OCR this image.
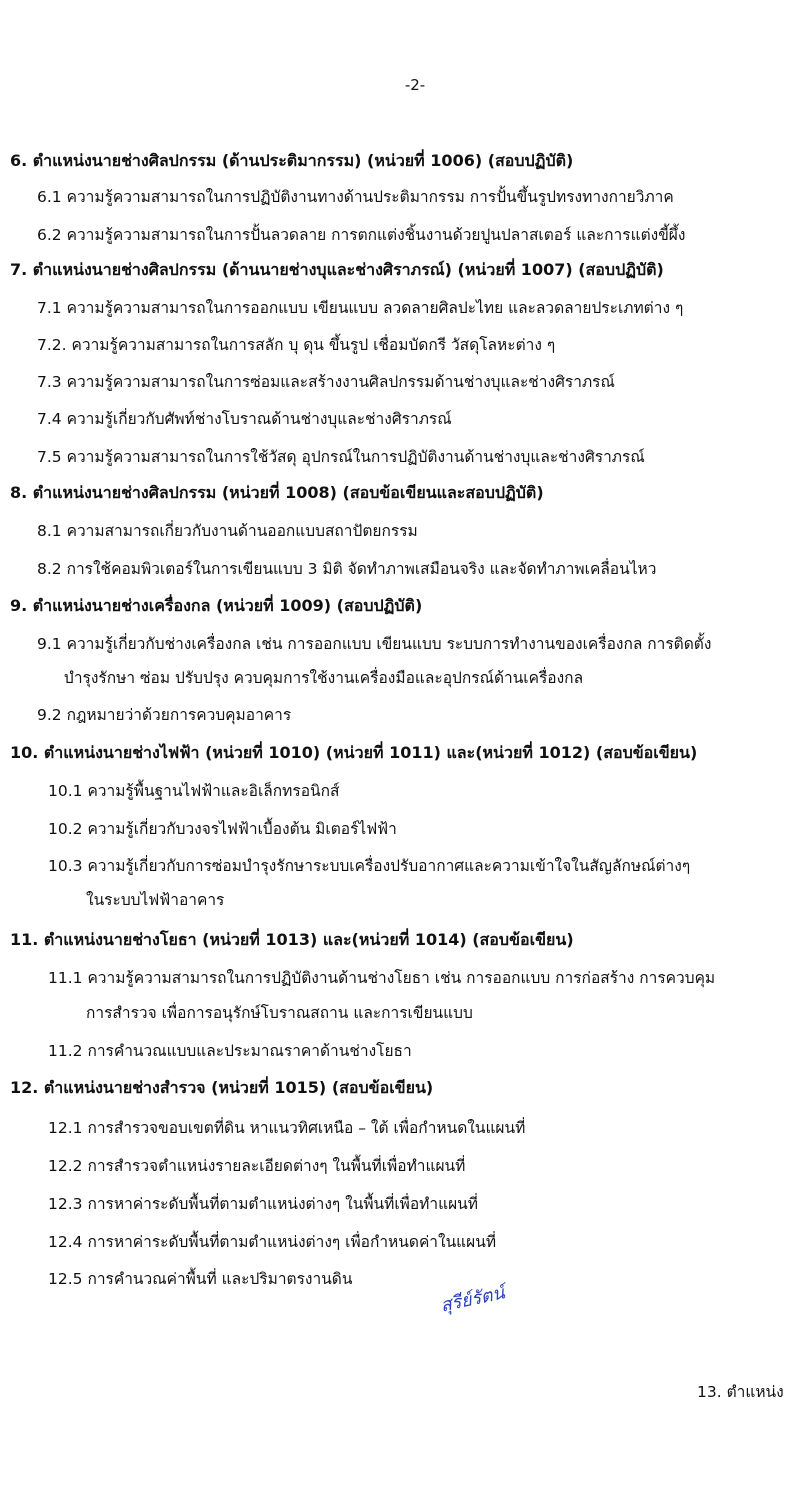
-2-
6. ตำแหน่งนายช่างศิลปกรรม (ด้านประติมากรรม) (หน่วยที่ 1006) (สอบปฏิบัติ)
6.1 ความรู้ความสามารถในการปฏิบัติงานทางด้านประติมากรรม การปั้นขึ้นรูปทรงทางกายวิภาค
6.2 ความรู้ความสามารถในการปั้นลวดลาย การตกแต่งชิ้นงานด้วยปูนปลาสเตอร์ และการแต่งขี้ผึ้ง
7. ตำแหน่งนายช่างศิลปกรรม (ด้านนายช่างบุและช่างศิราภรณ์) (หน่วยที่ 1007) (สอบปฏิบัติ)
7.1 ความรู้ความสามารถในการออกแบบ เขียนแบบ ลวดลายศิลปะไทย และลวดลายประเภทต่าง ๆ
7.2. ความรู้ความสามารถในการสลัก บุ ดุน ขึ้นรูป เชื่อมบัดกรี วัสดุโลหะต่าง ๆ
7.3 ความรู้ความสามารถในการซ่อมและสร้างงานศิลปกรรมด้านช่างบุและช่างศิราภรณ์
7.4 ความรู้เกี่ยวกับศัพท์ช่างโบราณด้านช่างบุและช่างศิราภรณ์
7.5 ความรู้ความสามารถในการใช้วัสดุ อุปกรณ์ในการปฏิบัติงานด้านช่างบุและช่างศิราภรณ์
8. ตำแหน่งนายช่างศิลปกรรม (หน่วยที่ 1008) (สอบข้อเขียนและสอบปฏิบัติ)
8.1 ความสามารถเกี่ยวกับงานด้านออกแบบสถาปัตยกรรม
8.2 การใช้คอมพิวเตอร์ในการเขียนแบบ 3 มิติ จัดทำภาพเสมือนจริง และจัดทำภาพเคลื่อนไหว
9. ตำแหน่งนายช่างเครื่องกล (หน่วยที่ 1009) (สอบปฏิบัติ)
9.1 ความรู้เกี่ยวกับช่างเครื่องกล เช่น การออกแบบ เขียนแบบ ระบบการทำงานของเครื่องกล การติดตั้ง
บำรุงรักษา ซ่อม ปรับปรุง ควบคุมการใช้งานเครื่องมือและอุปกรณ์ด้านเครื่องกล
9.2 กฎหมายว่าด้วยการควบคุมอาคาร
10. ตำแหน่งนายช่างไฟฟ้า (หน่วยที่ 1010) (หน่วยที่ 1011) และ(หน่วยที่ 1012) (สอบข้อเขียน)
10.1 ความรู้พื้นฐานไฟฟ้าและอิเล็กทรอนิกส์
10.2 ความรู้เกี่ยวกับวงจรไฟฟ้าเบื้องต้น มิเตอร์ไฟฟ้า
10.3 ความรู้เกี่ยวกับการซ่อมบำรุงรักษาระบบเครื่องปรับอากาศและความเข้าใจในสัญลักษณ์ต่างๆ
ในระบบไฟฟ้าอาคาร
11. ตำแหน่งนายช่างโยธา (หน่วยที่ 1013) และ(หน่วยที่ 1014) (สอบข้อเขียน)
11.1 ความรู้ความสามารถในการปฏิบัติงานด้านช่างโยธา เช่น การออกแบบ การก่อสร้าง การควบคุม
การสำรวจ เพื่อการอนุรักษ์โบราณสถาน และการเขียนแบบ
11.2 การคำนวณแบบและประมาณราคาด้านช่างโยธา
12. ตำแหน่งนายช่างสำรวจ (หน่วยที่ 1015) (สอบข้อเขียน)
12.1 การสำรวจขอบเขตที่ดิน หาแนวทิศเหนือ – ใต้ เพื่อกำหนดในแผนที่
12.2 การสำรวจตำแหน่งรายละเอียดต่างๆ ในพื้นที่เพื่อทำแผนที่
12.3 การหาค่าระดับพื้นที่ตามตำแหน่งต่างๆ ในพื้นที่เพื่อทำแผนที่
12.4 การหาค่าระดับพื้นที่ตามตำแหน่งต่างๆ เพื่อกำหนดค่าในแผนที่
12.5 การคำนวณค่าพื้นที่ และปริมาตรงานดิน
สุรีย์รัตน์
13. ตำแหน่ง
